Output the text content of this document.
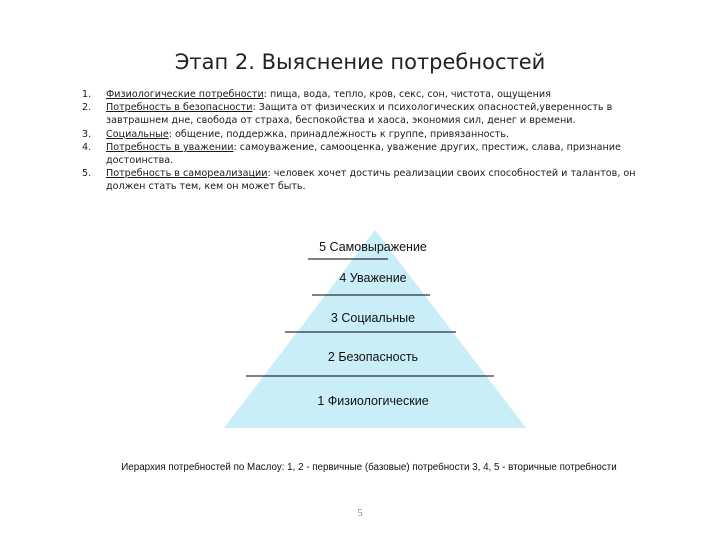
Этап 2. Выяснение потребностей
1. Физиологические потребности: пища, вода, тепло, кров, секс, сон, чистота, ощущения
2. Потребность в безопасности: Защита от физических и психологических опасностей,уверенность в завтрашнем дне, свобода от страха, беспокойства и хаоса, экономия сил, денег и времени.
3. Социальные: общение, поддержка, принадлежность к группе, привязанность.
4. Потребность в уважении: самоуважение, самооценка, уважение других, престиж, слава, признание достоинства.
5. Потребность в самореализации: человек хочет достичь реализации своих способностей и талантов, он должен стать тем, кем он может быть.
5 Самовыражение
4 Уважение
3 Социальные
2 Безопасность
1 Физиологические
Иерархия потребностей по Маслоу: 1, 2 - первичные (базовые) потребности 3, 4, 5 - вторичные потребности
5
